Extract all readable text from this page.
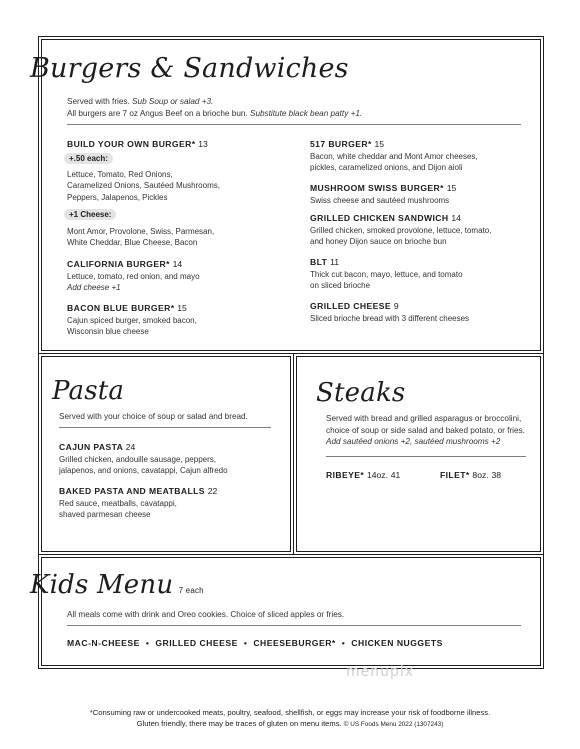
Burgers & Sandwiches
Served with fries. Sub Soup or salad +3.
All burgers are 7 oz Angus Beef on a brioche bun. Substitute black bean patty +1.
BUILD YOUR OWN BURGER* 13
+.50 each:
Lettuce, Tomato, Red Onions,
Caramelized Onions, Sautéed Mushrooms,
Peppers, Jalapenos, Pickles
+1 Cheese:
Mont Amor, Provolone, Swiss, Parmesan,
White Cheddar, Blue Cheese, Bacon
CALIFORNIA BURGER* 14
Lettuce, tomato, red onion, and mayo
Add cheese +1
BACON BLUE BURGER* 15
Cajun spiced burger, smoked bacon,
Wisconsin blue cheese
517 BURGER* 15
Bacon, white cheddar and Mont Amor cheeses,
pickles, caramelized onions, and Dijon aioli
MUSHROOM SWISS BURGER* 15
Swiss cheese and sautéed mushrooms
GRILLED CHICKEN SANDWICH 14
Grilled chicken, smoked provolone, lettuce, tomato,
and honey Dijon sauce on brioche bun
BLT 11
Thick cut bacon, mayo, lettuce, and tomato
on sliced brioche
GRILLED CHEESE 9
Sliced brioche bread with 3 different cheeses
Pasta
Served with your choice of soup or salad and bread.
CAJUN PASTA 24
Grilled chicken, andouille sausage, peppers,
jalapenos, and onions, cavatappi, Cajun alfredo
BAKED PASTA AND MEATBALLS 22
Red sauce, meatballs, cavatappi,
shaved parmesan cheese
Steaks
Served with bread and grilled asparagus or broccolini,
choice of soup or side salad and baked potato, or fries.
Add sautéed onions +2, sautéed mushrooms +2
RIBEYE* 14oz. 41	FILET* 8oz. 38
Kids Menu 7 each
All meals come with drink and Oreo cookies. Choice of sliced apples or fries.
MAC-N-CHEESE • GRILLED CHEESE • CHEESEBURGER* • CHICKEN NUGGETS
menupix
*Consuming raw or undercooked meats, poultry, seafood, shellfish, or eggs may increase your risk of foodborne illness.
Gluten friendly, there may be traces of gluten on menu items. © US Foods Menu 2022 (1307243)
